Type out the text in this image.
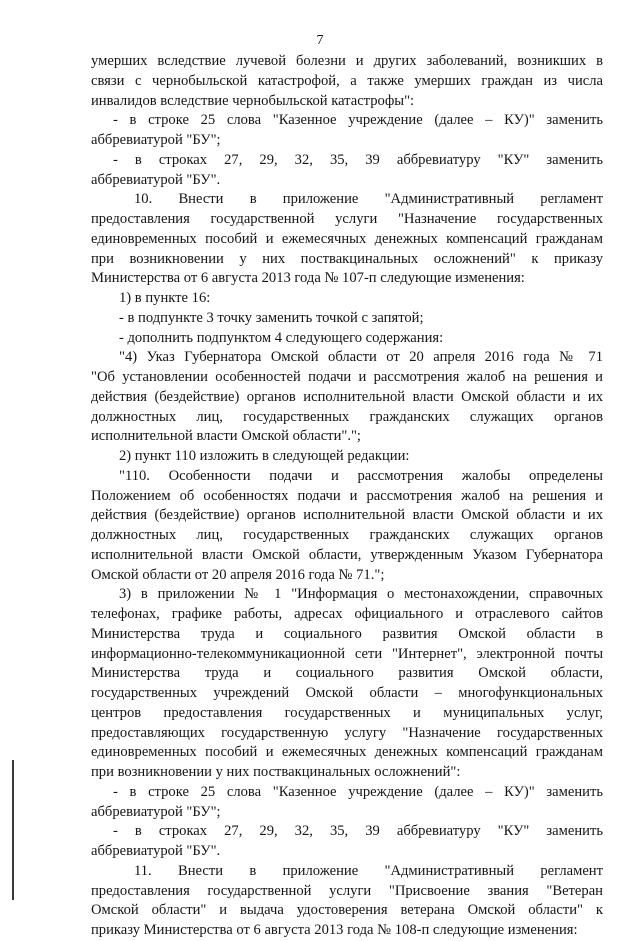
7
умерших вследствие лучевой болезни и других заболеваний, возникших в
связи с чернобыльской катастрофой, а также умерших граждан из числа
инвалидов вследствие чернобыльской катастрофы":
- в строке 25 слова "Казенное учреждение (далее – КУ)" заменить
аббревиатурой "БУ";
- в строках 27, 29, 32, 35, 39 аббревиатуру "КУ" заменить
аббревиатурой "БУ".
10. Внести в приложение "Административный регламент
предоставления государственной услуги "Назначение государственных
единовременных пособий и ежемесячных денежных компенсаций гражданам
при возникновении у них поствакцинальных осложнений" к приказу
Министерства от 6 августа 2013 года № 107-п следующие изменения:
1) в пункте 16:
- в подпункте 3 точку заменить точкой с запятой;
- дополнить подпунктом 4 следующего содержания:
"4) Указ Губернатора Омской области от 20 апреля 2016 года № 71
"Об установлении особенностей подачи и рассмотрения жалоб на решения и
действия (бездействие) органов исполнительной власти Омской области и их
должностных лиц, государственных гражданских служащих органов
исполнительной власти Омской области".";
2) пункт 110 изложить в следующей редакции:
"110. Особенности подачи и рассмотрения жалобы определены
Положением об особенностях подачи и рассмотрения жалоб на решения и
действия (бездействие) органов исполнительной власти Омской области и их
должностных лиц, государственных гражданских служащих органов
исполнительной власти Омской области, утвержденным Указом Губернатора
Омской области от 20 апреля 2016 года № 71.";
3) в приложении № 1 "Информация о местонахождении, справочных
телефонах, графике работы, адресах официального и отраслевого сайтов
Министерства труда и социального развития Омской области в
информационно-телекоммуникационной сети "Интернет", электронной почты
Министерства труда и социального развития Омской области,
государственных учреждений Омской области – многофункциональных
центров предоставления государственных и муниципальных услуг,
предоставляющих государственную услугу "Назначение государственных
единовременных пособий и ежемесячных денежных компенсаций гражданам
при возникновении у них поствакцинальных осложнений":
- в строке 25 слова "Казенное учреждение (далее – КУ)" заменить
аббревиатурой "БУ";
- в строках 27, 29, 32, 35, 39 аббревиатуру "КУ" заменить
аббревиатурой "БУ".
11. Внести в приложение "Административный регламент
предоставления государственной услуги "Присвоение звания "Ветеран
Омской области" и выдача удостоверения ветерана Омской области" к
приказу Министерства от 6 августа 2013 года № 108-п следующие изменения:
